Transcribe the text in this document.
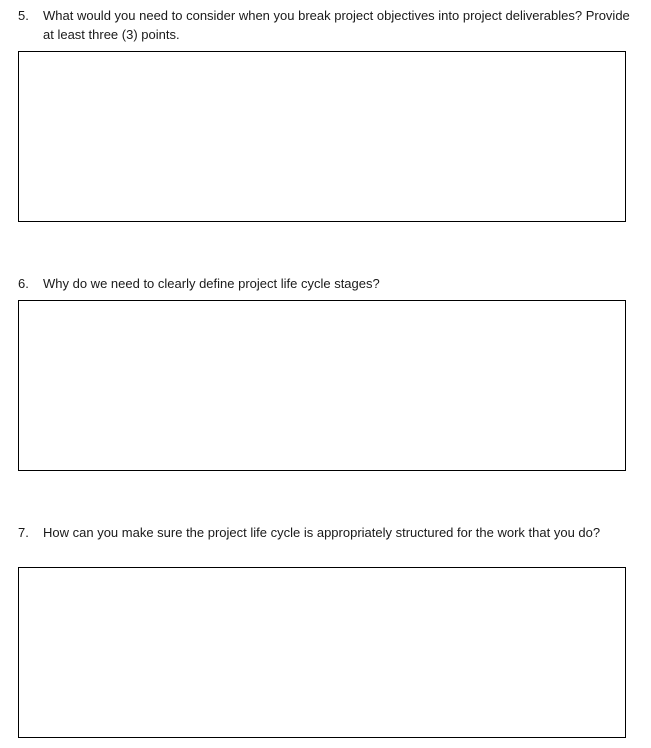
5. What would you need to consider when you break project objectives into project deliverables? Provide at least three (3) points.
6. Why do we need to clearly define project life cycle stages?
7. How can you make sure the project life cycle is appropriately structured for the work that you do?
